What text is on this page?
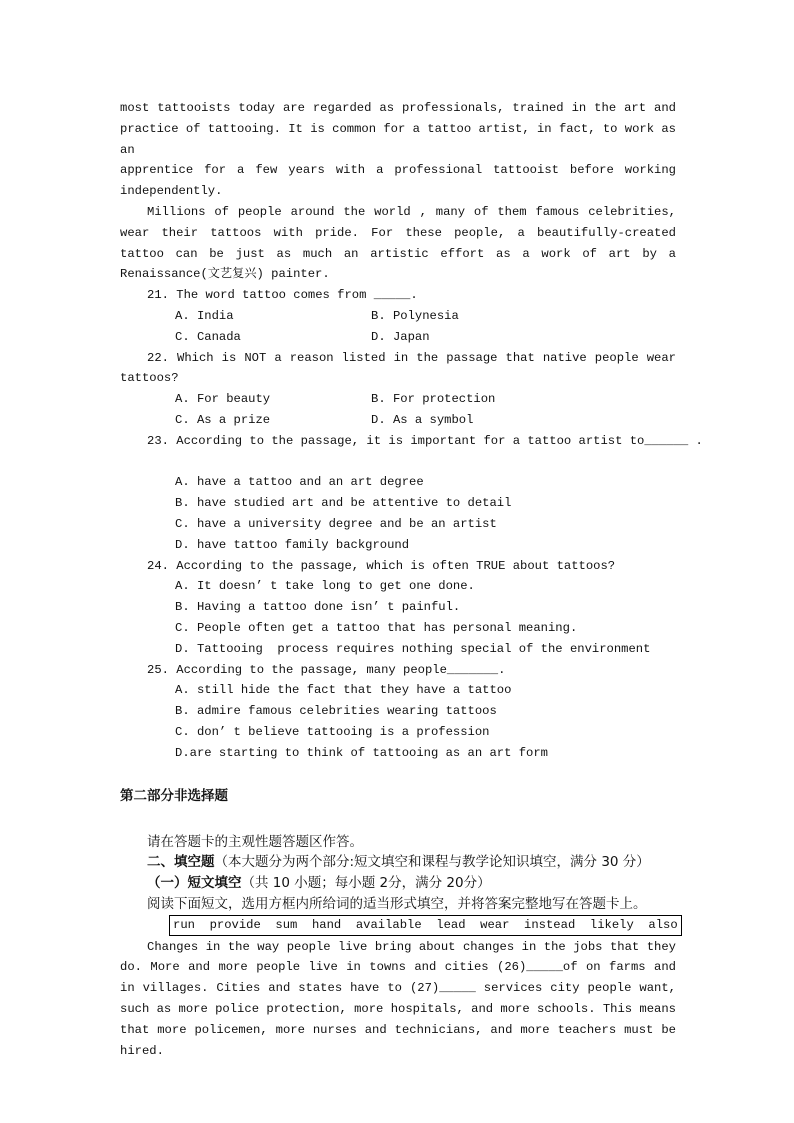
most tattooists today are regarded as professionals, trained in the art and

practice of tattooing. It is common for a tattoo artist, in fact, to work as an

apprentice for a few years with a professional tattooist before working

independently.

Millions of people around the world , many of them famous celebrities, wear their tattoos with pride. For these people, a beautifully-created tattoo can be just as much an artistic effort as a work of art by a Renaissance(文艺复兴) painter.

21. The word tattoo comes from _____.

A. India	B. Polynesia
C. Canada	D. Japan

22. Which is NOT a reason listed in the passage that native people wear tattoos?

A. For beauty	B. For protection
C. As a prize	D. As a symbol

23. According to the passage, it is important for a tattoo artist to______ .

A. have a tattoo and an art degree

B. have studied art and be attentive to detail

C. have a university degree and be an artist

D. have tattoo family background

24. According to the passage, which is often TRUE about tattoos?

A. It doesn’ t take long to get one done.

B. Having a tattoo done isn’ t painful.

C. People often get a tattoo that has personal meaning.

D. Tattooing  process requires nothing special of the environment

25. According to the passage, many people_______.

A. still hide the fact that they have a tattoo

B. admire famous celebrities wearing tattoos

C. don’ t believe tattooing is a profession

D.are starting to think of tattooing as an art form

第二部分非选择题

请在答题卡的主观性题答题区作答。

二、填空题（本大题分为两个部分:短文填空和课程与教学论知识填空，满分 30 分）

（一）短文填空（共 10 小题；每小题 2分，满分 20分）

阅读下面短文，选用方框内所给词的适当形式填空，并将答案完整地写在答题卡上。

run  provide  sum  hand  available  lead  wear  instead  likely  also

Changes in the way people live bring about changes in the jobs that they do. More and more people live in towns and cities (26)_____of on farms and in villages. Cities and states have to (27)_____ services city people want, such as more police protection, more hospitals, and more schools. This means that more policemen, more nurses and technicians, and more teachers must be hired.
